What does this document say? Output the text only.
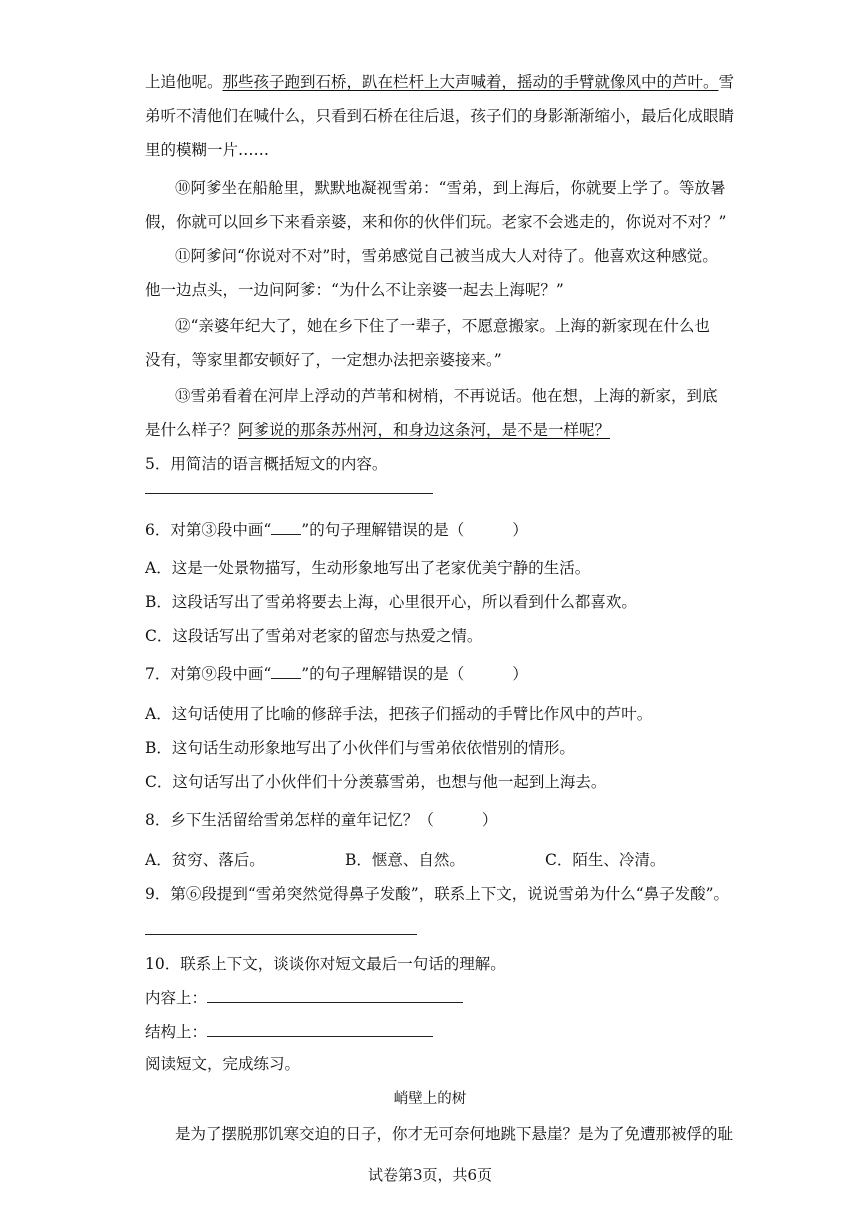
上追他呢。那些孩子跑到石桥，趴在栏杆上大声喊着，摇动的手臂就像风中的芦叶。雪
弟听不清他们在喊什么，只看到石桥在往后退，孩子们的身影渐渐缩小，最后化成眼睛
里的模糊一片……
⑩阿爹坐在船舱里，默默地凝视雪弟：“雪弟，到上海后，你就要上学了。等放暑
假，你就可以回乡下来看亲婆，来和你的伙伴们玩。老家不会逃走的，你说对不对？”
⑪阿爹问“你说对不对”时，雪弟感觉自己被当成大人对待了。他喜欢这种感觉。
他一边点头，一边问阿爹：“为什么不让亲婆一起去上海呢？”
⑫“亲婆年纪大了，她在乡下住了一辈子，不愿意搬家。上海的新家现在什么也
没有，等家里都安顿好了，一定想办法把亲婆接来。”
⑬雪弟看着在河岸上浮动的芦苇和树梢，不再说话。他在想，上海的新家，到底
是什么样子？阿爹说的那条苏州河，和身边这条河，是不是一样呢？
5．用简洁的语言概括短文的内容。
6．对第③段中画“ ”的句子理解错误的是（	）
A．这是一处景物描写，生动形象地写出了老家优美宁静的生活。
B．这段话写出了雪弟将要去上海，心里很开心，所以看到什么都喜欢。
C．这段话写出了雪弟对老家的留恋与热爱之情。
7．对第⑨段中画“ ”的句子理解错误的是（	）
A．这句话使用了比喻的修辞手法，把孩子们摇动的手臂比作风中的芦叶。
B．这句话生动形象地写出了小伙伴们与雪弟依依惜别的情形。
C．这句话写出了小伙伴们十分羡慕雪弟，也想与他一起到上海去。
8．乡下生活留给雪弟怎样的童年记忆？（	）
A．贫穷、落后。	B．惬意、自然。	C．陌生、冷清。
9．第⑥段提到“雪弟突然觉得鼻子发酸”，联系上下文，说说雪弟为什么“鼻子发酸”。
10．联系上下文，谈谈你对短文最后一句话的理解。
内容上：
结构上：
阅读短文，完成练习。
峭壁上的树
是为了摆脱那饥寒交迫的日子，你才无可奈何地跳下悬崖？是为了免遭那被俘的耻
试卷第3页，共6页
